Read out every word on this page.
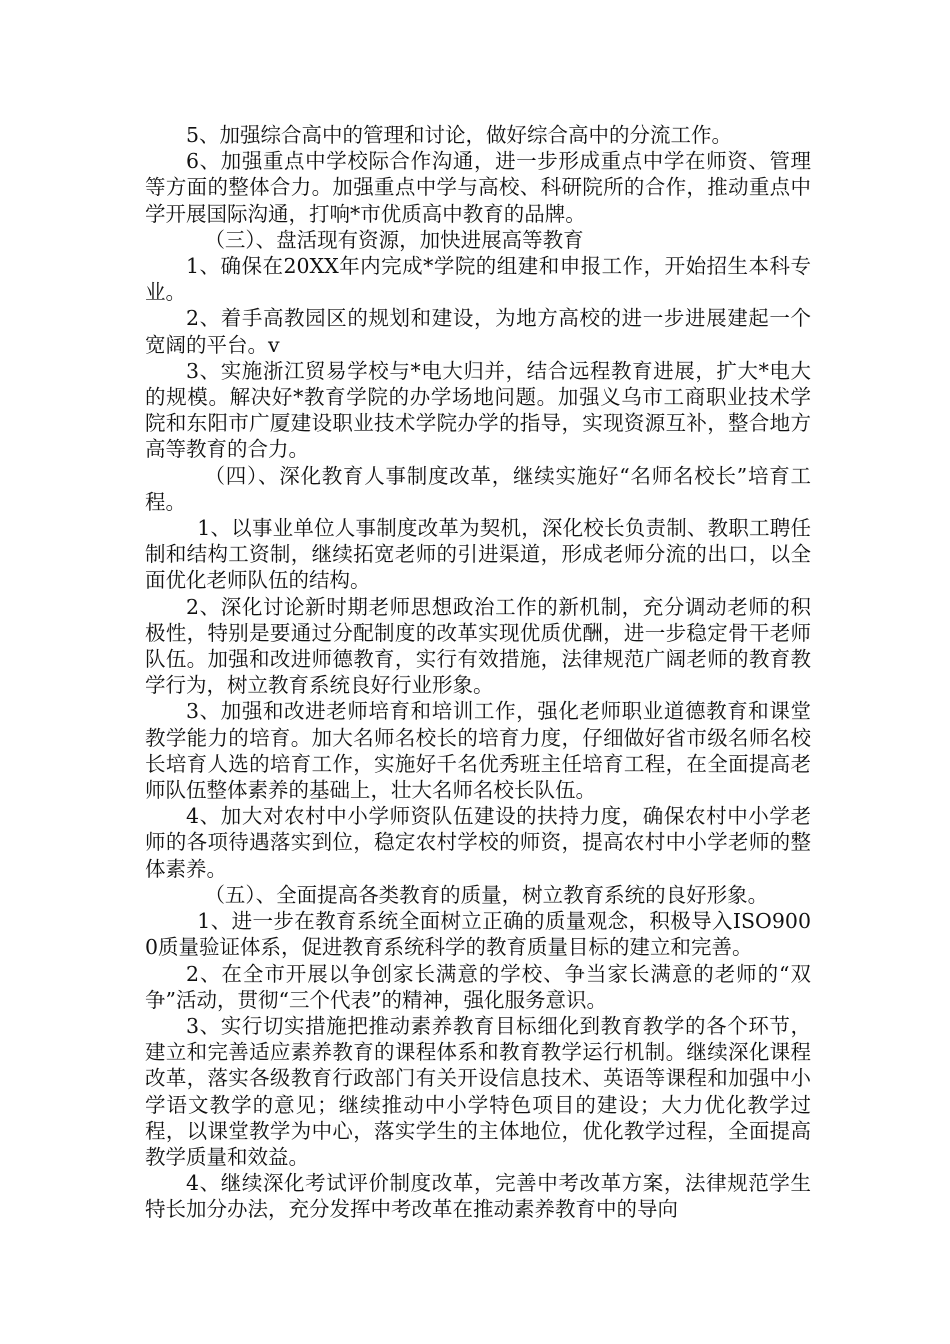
5、加强综合高中的管理和讨论，做好综合高中的分流工作。

6、加强重点中学校际合作沟通，进一步形成重点中学在师资、管理等方面的整体合力。加强重点中学与高校、科研院所的合作，推动重点中学开展国际沟通，打响*市优质高中教育的品牌。

（三）、盘活现有资源，加快进展高等教育

1、确保在20XX年内完成*学院的组建和申报工作，开始招生本科专业。

2、着手高教园区的规划和建设，为地方高校的进一步进展建起一个宽阔的平台。v

3、实施浙江贸易学校与*电大归并，结合远程教育进展，扩大*电大的规模。解决好*教育学院的办学场地问题。加强义乌市工商职业技术学院和东阳市广厦建设职业技术学院办学的指导，实现资源互补，整合地方高等教育的合力。

（四）、深化教育人事制度改革，继续实施好“名师名校长”培育工程。

1、以事业单位人事制度改革为契机，深化校长负责制、教职工聘任制和结构工资制，继续拓宽老师的引进渠道，形成老师分流的出口，以全面优化老师队伍的结构。

2、深化讨论新时期老师思想政治工作的新机制，充分调动老师的积极性，特别是要通过分配制度的改革实现优质优酬，进一步稳定骨干老师队伍。加强和改进师德教育，实行有效措施，法律规范广阔老师的教育教学行为，树立教育系统良好行业形象。

3、加强和改进老师培育和培训工作，强化老师职业道德教育和课堂教学能力的培育。加大名师名校长的培育力度，仔细做好省市级名师名校长培育人选的培育工作，实施好千名优秀班主任培育工程，在全面提高老师队伍整体素养的基础上，壮大名师名校长队伍。

4、加大对农村中小学师资队伍建设的扶持力度，确保农村中小学老师的各项待遇落实到位，稳定农村学校的师资，提高农村中小学老师的整体素养。

（五）、全面提高各类教育的质量，树立教育系统的良好形象。

1、进一步在教育系统全面树立正确的质量观念，积极导入ISO9000质量验证体系，促进教育系统科学的教育质量目标的建立和完善。

2、在全市开展以争创家长满意的学校、争当家长满意的老师的“双争”活动，贯彻“三个代表”的精神，强化服务意识。

3、实行切实措施把推动素养教育目标细化到教育教学的各个环节，建立和完善适应素养教育的课程体系和教育教学运行机制。继续深化课程改革，落实各级教育行政部门有关开设信息技术、英语等课程和加强中小学语文教学的意见；继续推动中小学特色项目的建设；大力优化教学过程，以课堂教学为中心，落实学生的主体地位，优化教学过程，全面提高教学质量和效益。

4、继续深化考试评价制度改革，完善中考改革方案，法律规范学生特长加分办法，充分发挥中考改革在推动素养教育中的导向
